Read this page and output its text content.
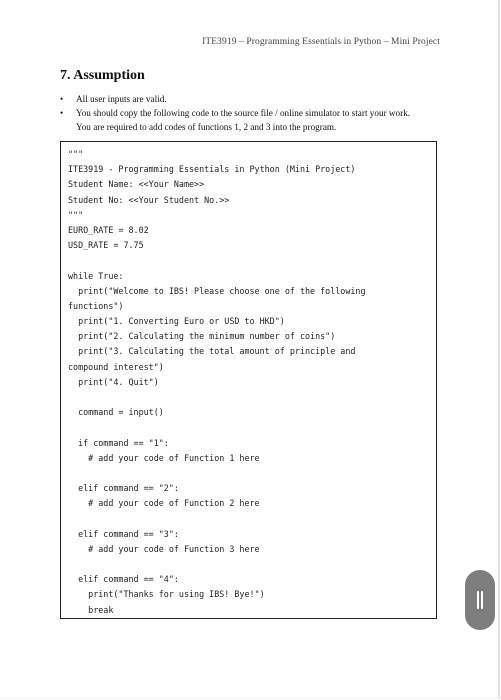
ITE3919 – Programming Essentials in Python – Mini Project
7. Assumption
•	All user inputs are valid.
•	You should copy the following code to the source file / online simulator to start your work.
You are required to add codes of functions 1, 2 and 3 into the program.
"""
ITE3919 - Programming Essentials in Python (Mini Project)
Student Name: <<Your Name>>
Student No: <<Your Student No.>>
"""
EURO_RATE = 8.02
USD_RATE = 7.75
while True:
print("Welcome to IBS! Please choose one of the following
functions")
print("1. Converting Euro or USD to HKD")
print("2. Calculating the minimum number of coins")
print("3. Calculating the total amount of principle and
compound interest")
print("4. Quit")
command = input()
if command == "1":
# add your code of Function 1 here
elif command == "2":
# add your code of Function 2 here
elif command == "3":
# add your code of Function 3 here
elif command == "4":
print("Thanks for using IBS! Bye!")
break
